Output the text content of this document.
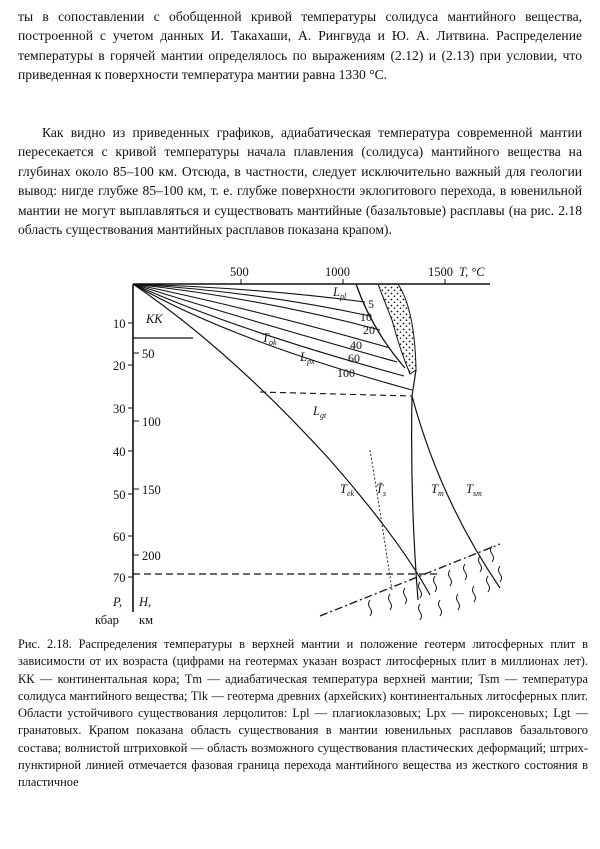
ты в сопоставлении с обобщенной кривой температуры солидуса мантийного вещества, построенной с учетом данных И. Такахаши, А. Рингвуда и Ю. А. Литвина. Распределение температуры в горячей мантии определялось по выражениям (2.12) и (2.13) при условии, что приведенная к поверхности температура мантии равна 1330 °C.

Как видно из приведенных графиков, адиабатическая температура современной мантии пересекается с кривой температуры начала плавления (солидуса) мантийного вещества на глубинах около 85–100 км. Отсюда, в частности, следует исключительно важный для геологии вывод: нигде глубже 85–100 км, т. е. глубже поверхности эклогитового перехода, в ювенильной мантии не могут выплавляться и существовать мантийные (базальтовые) расплавы (на рис. 2.18 область существования мантийных расплавов показана крапом).

500	1000	1500 T, °C
10
20
30
40
50
60
70
50
100
150
200
P, H,
кбар км
КК
5
10
20
40
60
100
$L_{pl}$
$T_{ok}$
$L_{px}$
$L_{gt}$
$T_{ek}$ $T̃_s$	$T_m$ $T_{sm}$

Рис. 2.18. Распределения температуры в верхней мантии и положение геотерм литосферных плит в зависимости от их возраста (цифрами на геотермах указан возраст литосферных плит в миллионах лет). КК — континентальная кора; Tm — адиабатическая температура верхней мантии; Tsm — температура солидуса мантийного вещества; Tlk — геотерма древних (архейских) континентальных литосферных плит. Области устойчивого существования лерцолитов: Lpl — плагиоклазовых; Lpx — пироксеновых; Lgt — гранатовых. Крапом показана область существования в мантии ювенильных расплавов базальтового состава; волнистой штриховкой — область возможного существования пластических деформаций; штрих-пунктирной линией отмечается фазовая граница перехода мантийного вещества из жесткого состояния в пластичное
